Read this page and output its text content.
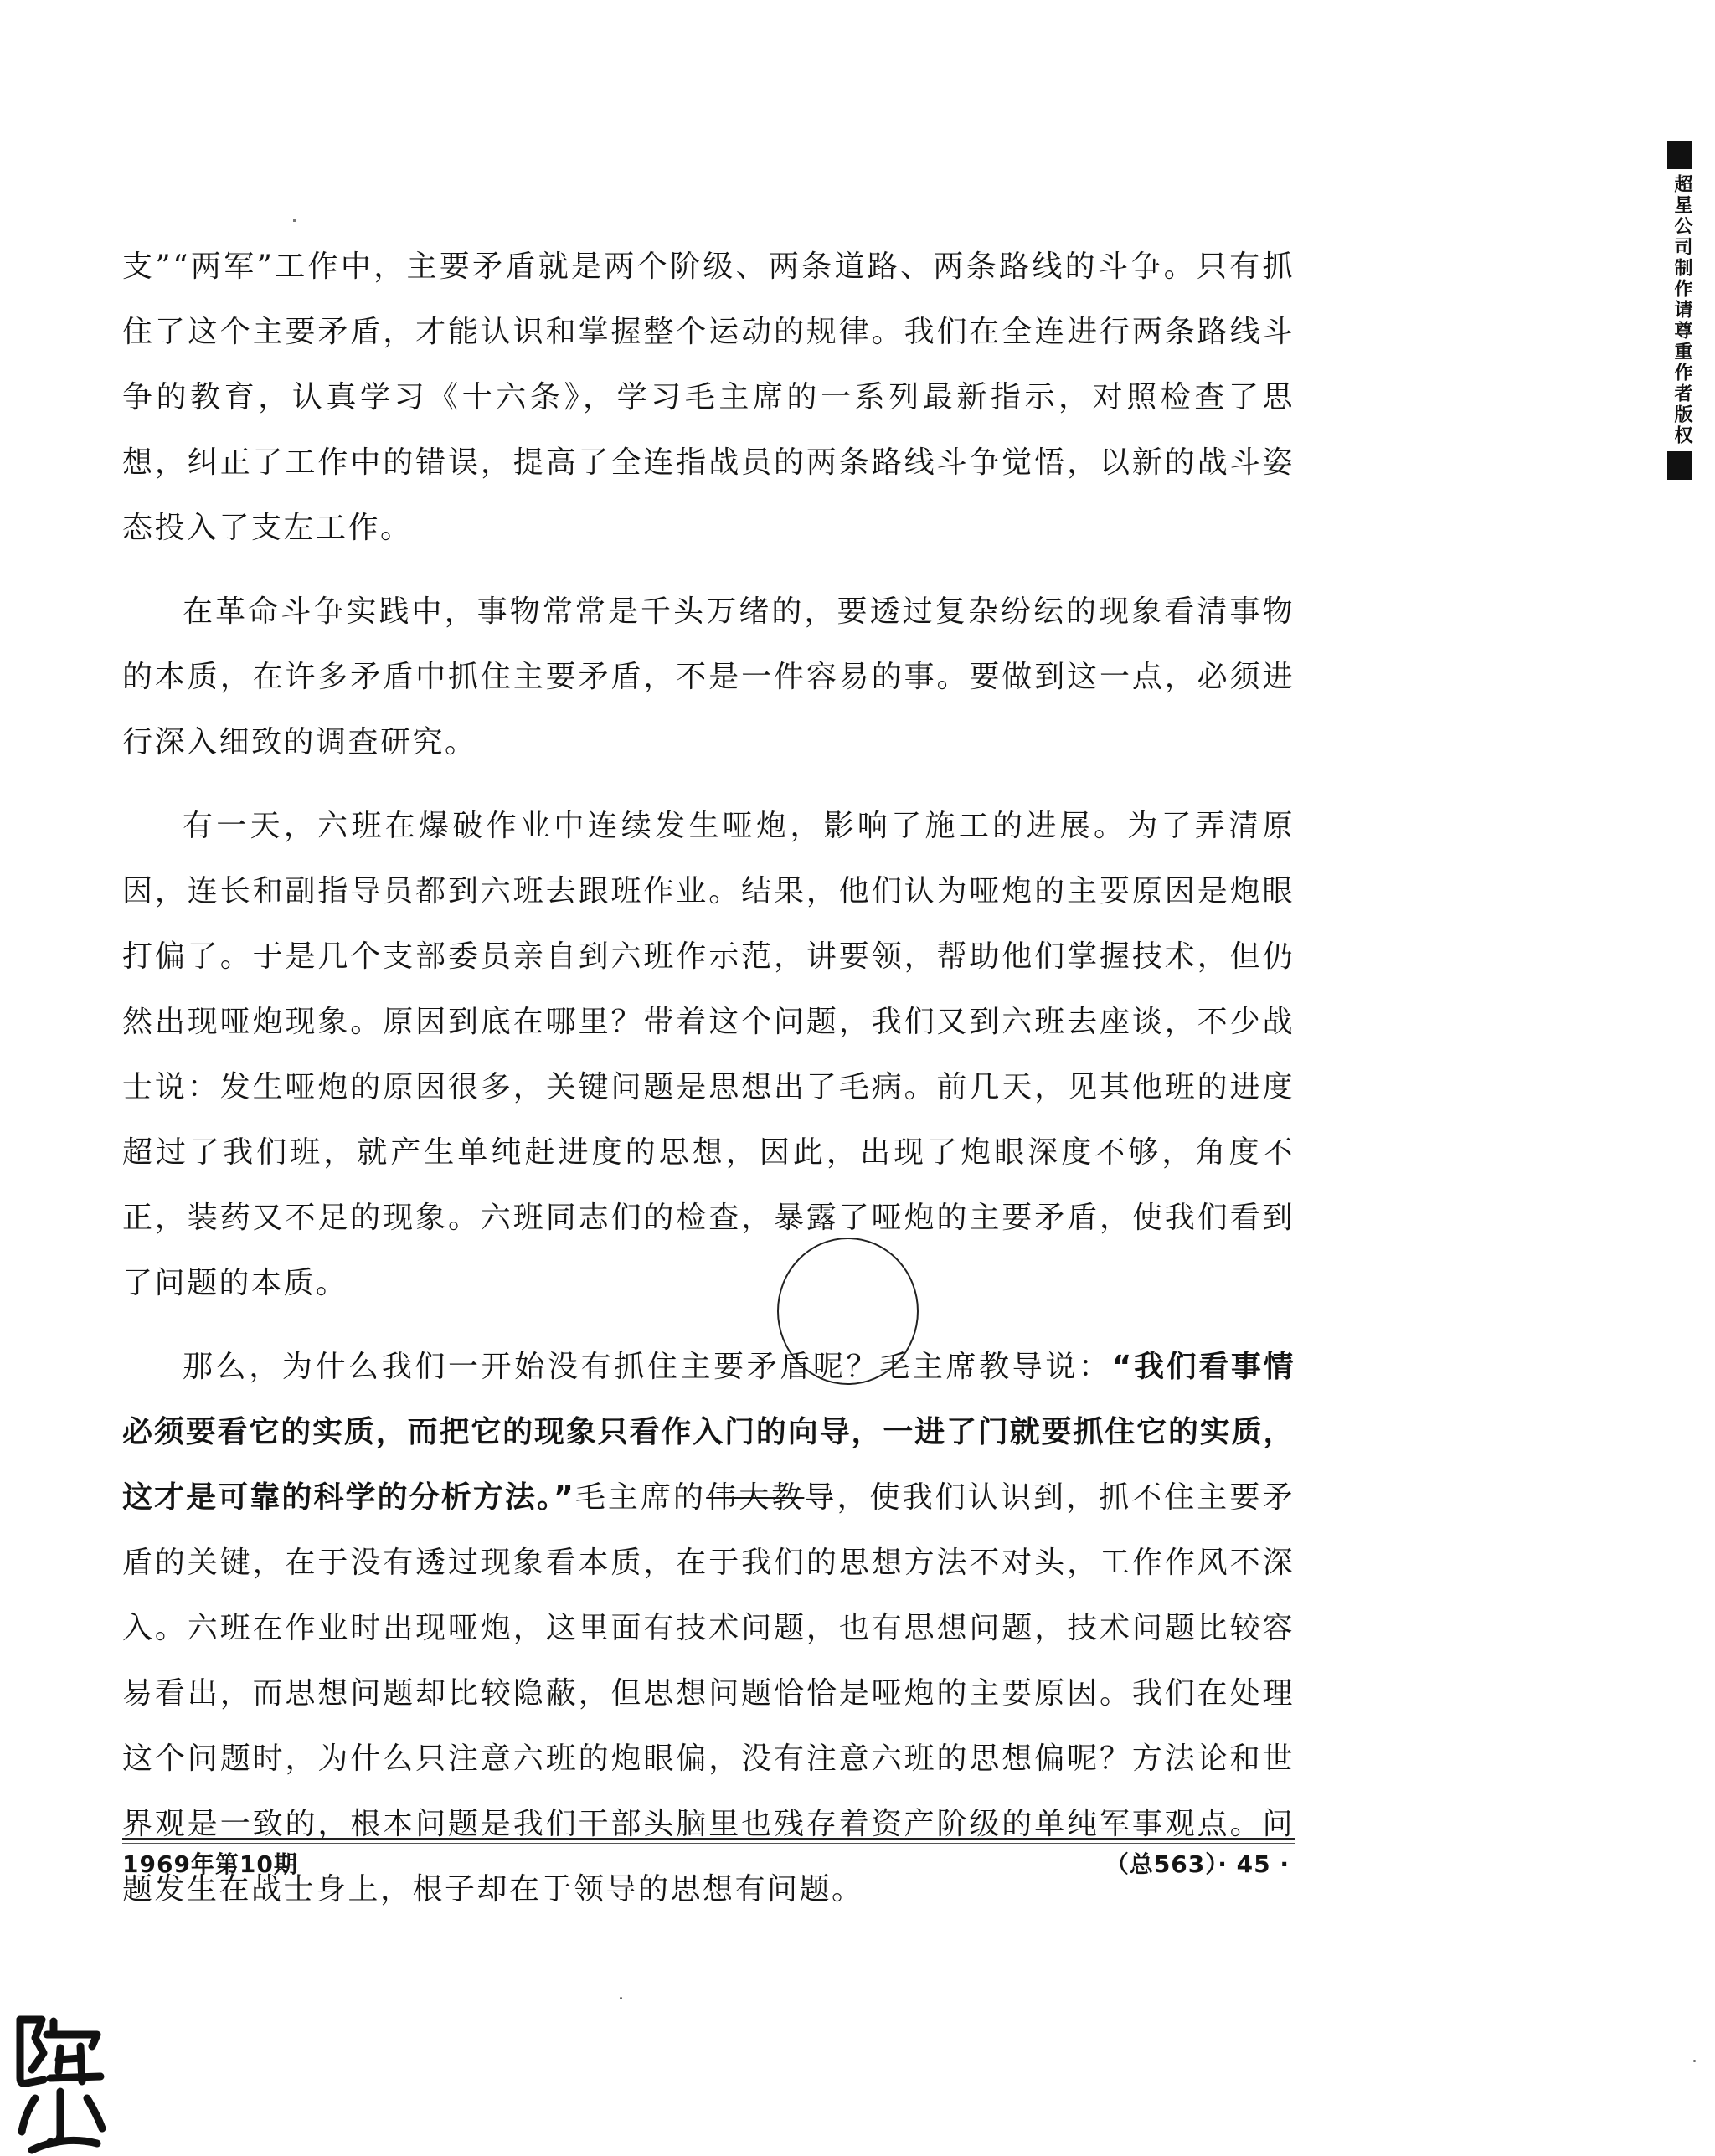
支”“两军”工作中，主要矛盾就是两个阶级、两条道路、两条路线的斗争。只有抓住了这个主要矛盾，才能认识和掌握整个运动的规律。我们在全连进行两条路线斗争的教育，认真学习《十六条》，学习毛主席的一系列最新指示，对照检查了思想，纠正了工作中的错误，提高了全连指战员的两条路线斗争觉悟，以新的战斗姿态投入了支左工作。

在革命斗争实践中，事物常常是千头万绪的，要透过复杂纷纭的现象看清事物的本质，在许多矛盾中抓住主要矛盾，不是一件容易的事。要做到这一点，必须进行深入细致的调查研究。

有一天，六班在爆破作业中连续发生哑炮，影响了施工的进展。为了弄清原因，连长和副指导员都到六班去跟班作业。结果，他们认为哑炮的主要原因是炮眼打偏了。于是几个支部委员亲自到六班作示范，讲要领，帮助他们掌握技术，但仍然出现哑炮现象。原因到底在哪里？带着这个问题，我们又到六班去座谈，不少战士说：发生哑炮的原因很多，关键问题是思想出了毛病。前几天，见其他班的进度超过了我们班，就产生单纯赶进度的思想，因此，出现了炮眼深度不够，角度不正，装药又不足的现象。六班同志们的检查，暴露了哑炮的主要矛盾，使我们看到了问题的本质。

那么，为什么我们一开始没有抓住主要矛盾呢？毛主席教导说：“我们看事情必须要看它的实质，而把它的现象只看作入门的向导，一进了门就要抓住它的实质，这才是可靠的科学的分析方法。”毛主席的伟大教导，使我们认识到，抓不住主要矛盾的关键，在于没有透过现象看本质，在于我们的思想方法不对头，工作作风不深入。六班在作业时出现哑炮，这里面有技术问题，也有思想问题，技术问题比较容易看出，而思想问题却比较隐蔽，但思想问题恰恰是哑炮的主要原因。我们在处理这个问题时，为什么只注意六班的炮眼偏，没有注意六班的思想偏呢？方法论和世界观是一致的，根本问题是我们干部头脑里也残存着资产阶级的单纯军事观点。问题发生在战士身上，根子却在于领导的思想有问题。

1969年第10期	（总563）· 45 ·
超星公司制作请尊重作者版权
